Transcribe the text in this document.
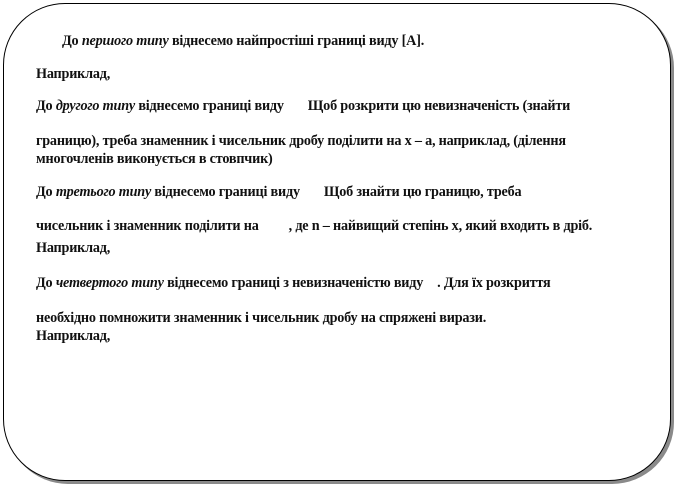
До першого типу віднесемо найпростіші границі виду [А].
Наприклад,
До другого типу віднесемо границі виду Щоб розкрити цю невизначеність (знайти
границю), треба знаменник і чисельник дробу поділити на x – a, наприклад, (ділення
многочленів виконується в стовпчик)
До третього типу віднесемо границі виду Щоб знайти цю границю, треба
чисельник і знаменник поділити на , де n – найвищий степінь x, який входить в дріб.
Наприклад,
До четвертого типу віднесемо границі з невизначеністю виду . Для їх розкриття
необхідно помножити знаменник і чисельник дробу на спряжені вирази.
Наприклад,
